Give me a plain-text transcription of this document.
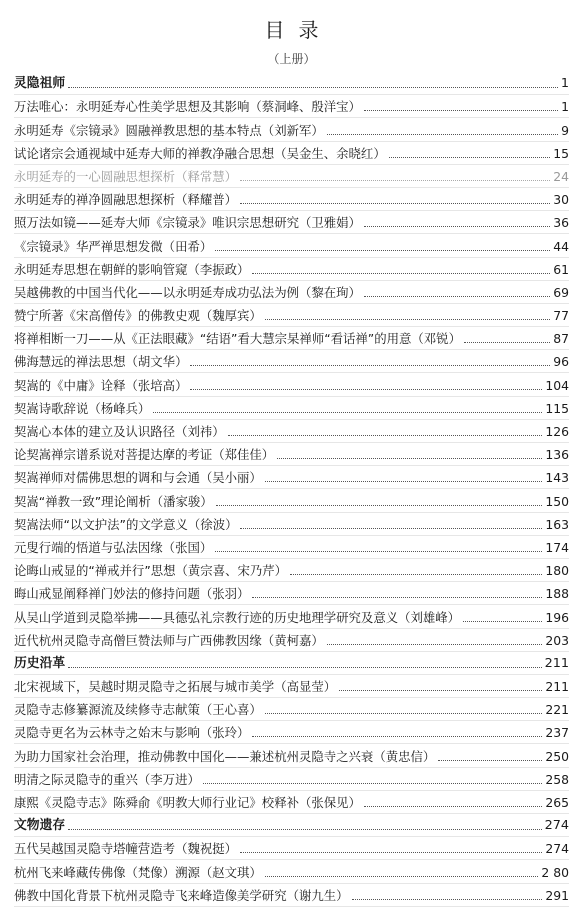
目录
（上册）
灵隐祖师	1
万法唯心：永明延寿心性美学思想及其影响（蔡洞峰、殷洋宝）	1
永明延寿《宗镜录》圆融禅教思想的基本特点（刘新军）	9
试论诸宗会通视域中延寿大师的禅教净融合思想（吴金生、余晓红）	15
永明延寿的一心圆融思想探析（释常慧）	24
永明延寿的禅净圆融思想探析（释耀普）	30
照万法如镜——延寿大师《宗镜录》唯识宗思想研究（卫雅娟）	36
《宗镜录》华严禅思想发微（田希）	44
永明延寿思想在朝鲜的影响管窥（李振政）	61
吴越佛教的中国当代化——以永明延寿成功弘法为例（黎在珣）	69
赞宁所著《宋高僧传》的佛教史观（魏厚宾）	77
将禅相断一刀——从《正法眼藏》“结语”看大慧宗杲禅师“看话禅”的用意（邓锐）	87
佛海慧远的禅法思想（胡文华）	96
契嵩的《中庸》诠释（张培高）	104
契嵩诗歌辞说（杨峰兵）	115
契嵩心本体的建立及认识路径（刘祎）	126
论契嵩禅宗谱系说对菩提达摩的考证（郑佳佳）	136
契嵩禅师对儒佛思想的调和与会通（吴小丽）	143
契嵩“禅教一致”理论阐析（潘家骏）	150
契嵩法师“以文护法”的文学意义（徐波）	163
元叟行端的悟道与弘法因缘（张国）	174
论晦山戒显的“禅戒并行”思想（黄宗喜、宋乃芹）	180
晦山戒显阐释禅门妙法的修持问题（张羽）	188
从吴山学道到灵隐举拂——具德弘礼宗教行迹的历史地理学研究及意义（刘雄峰）	196
近代杭州灵隐寺高僧巨赞法师与广西佛教因缘（黄柯嘉）	203
历史沿革	211
北宋视域下，吴越时期灵隐寺之拓展与城市美学（高显莹）	211
灵隐寺志修纂源流及续修寺志献策（王心喜）	221
灵隐寺更名为云林寺之始末与影响（张玲）	237
为助力国家社会治理，推动佛教中国化——兼述杭州灵隐寺之兴衰（黄忠信）	250
明清之际灵隐寺的重兴（李万进）	258
康熙《灵隐寺志》陈舜俞《明教大师行业记》校释补（张保见）	265
文物遗存	274
五代吴越国灵隐寺塔幢营造考（魏祝挺）	274
杭州飞来峰藏传佛像（梵像）溯源（赵文琪）	2 80
佛教中国化背景下杭州灵隐寺飞来峰造像美学研究（谢九生）	291
